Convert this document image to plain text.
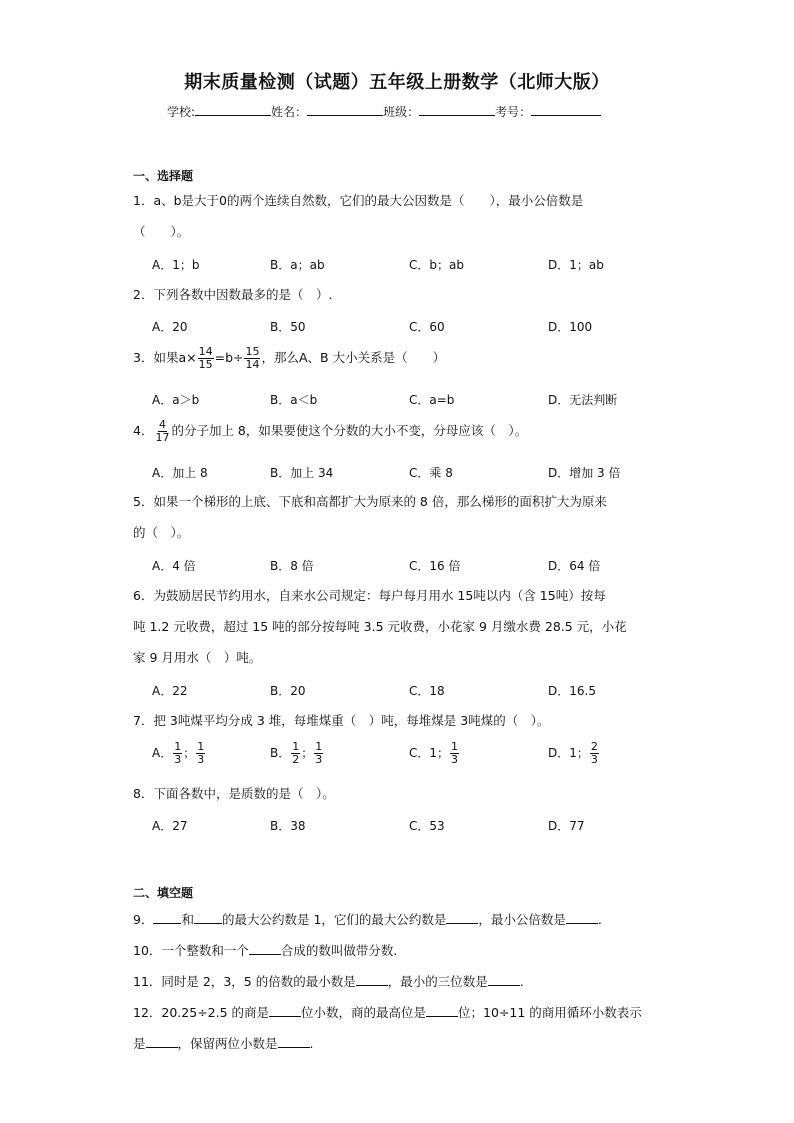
期末质量检测（试题）五年级上册数学（北师大版）
学校:	姓名：	班级：	考号：
一、选择题
1．a、b是大于0的两个连续自然数，它们的最大公因数是（　　），最小公倍数是
（　　）。
A．1；b	B．a；ab	C．b；ab	D．1；ab
2．下列各数中因数最多的是（　）.
A．20	B．50	C．60	D．100
3．如果$a\times \frac{14}{15} =b\div \frac{15}{14}$ ，那么A、B 大小关系是（　　）
A．a＞b	B．a＜b	C．a=b	D．无法判断
4． $\frac{4}{17}$ 的分子加上 8，如果要使这个分数的大小不变，分母应该（　）。
A．加上 8	B．加上 34	C．乘 8	D．增加 3 倍
5．如果一个梯形的上底、下底和高都扩大为原来的 8 倍，那么梯形的面积扩大为原来
的（　）。
A．4 倍	B．8 倍	C．16 倍	D．64 倍
6．为鼓励居民节约用水，自来水公司规定：每户每月用水 15吨以内（含 15吨）按每
吨 1.2 元收费，超过 15 吨的部分按每吨 3.5 元收费，小花家 9 月缴水费 28.5 元，小花
家 9 月用水（　）吨。
A．22	B．20	C．18	D．16.5
7．把 3吨煤平均分成 3 堆，每堆煤重（　）吨，每堆煤是 3吨煤的（　）。
A． $\frac{1}{3}$ ； $\frac{1}{3}$	B． $\frac{1}{2}$ ； $\frac{1}{3}$	C．1； $\frac{1}{3}$	D．1； $\frac{2}{3}$
8．下面各数中，是质数的是（　）。
A．27	B．38	C．53	D．77
二、填空题
9． 和 的最大公约数是 1，它们的最大公约数是	，最小公倍数是	.
10．一个整数和一个	合成的数叫做带分数.
11．同时是 2，3，5 的倍数的最小数是	，最小的三位数是	.
12．20.25÷2.5 的商是	位小数，商的最高位是	位；10÷11 的商用循环小数表示
是	，保留两位小数是	.
